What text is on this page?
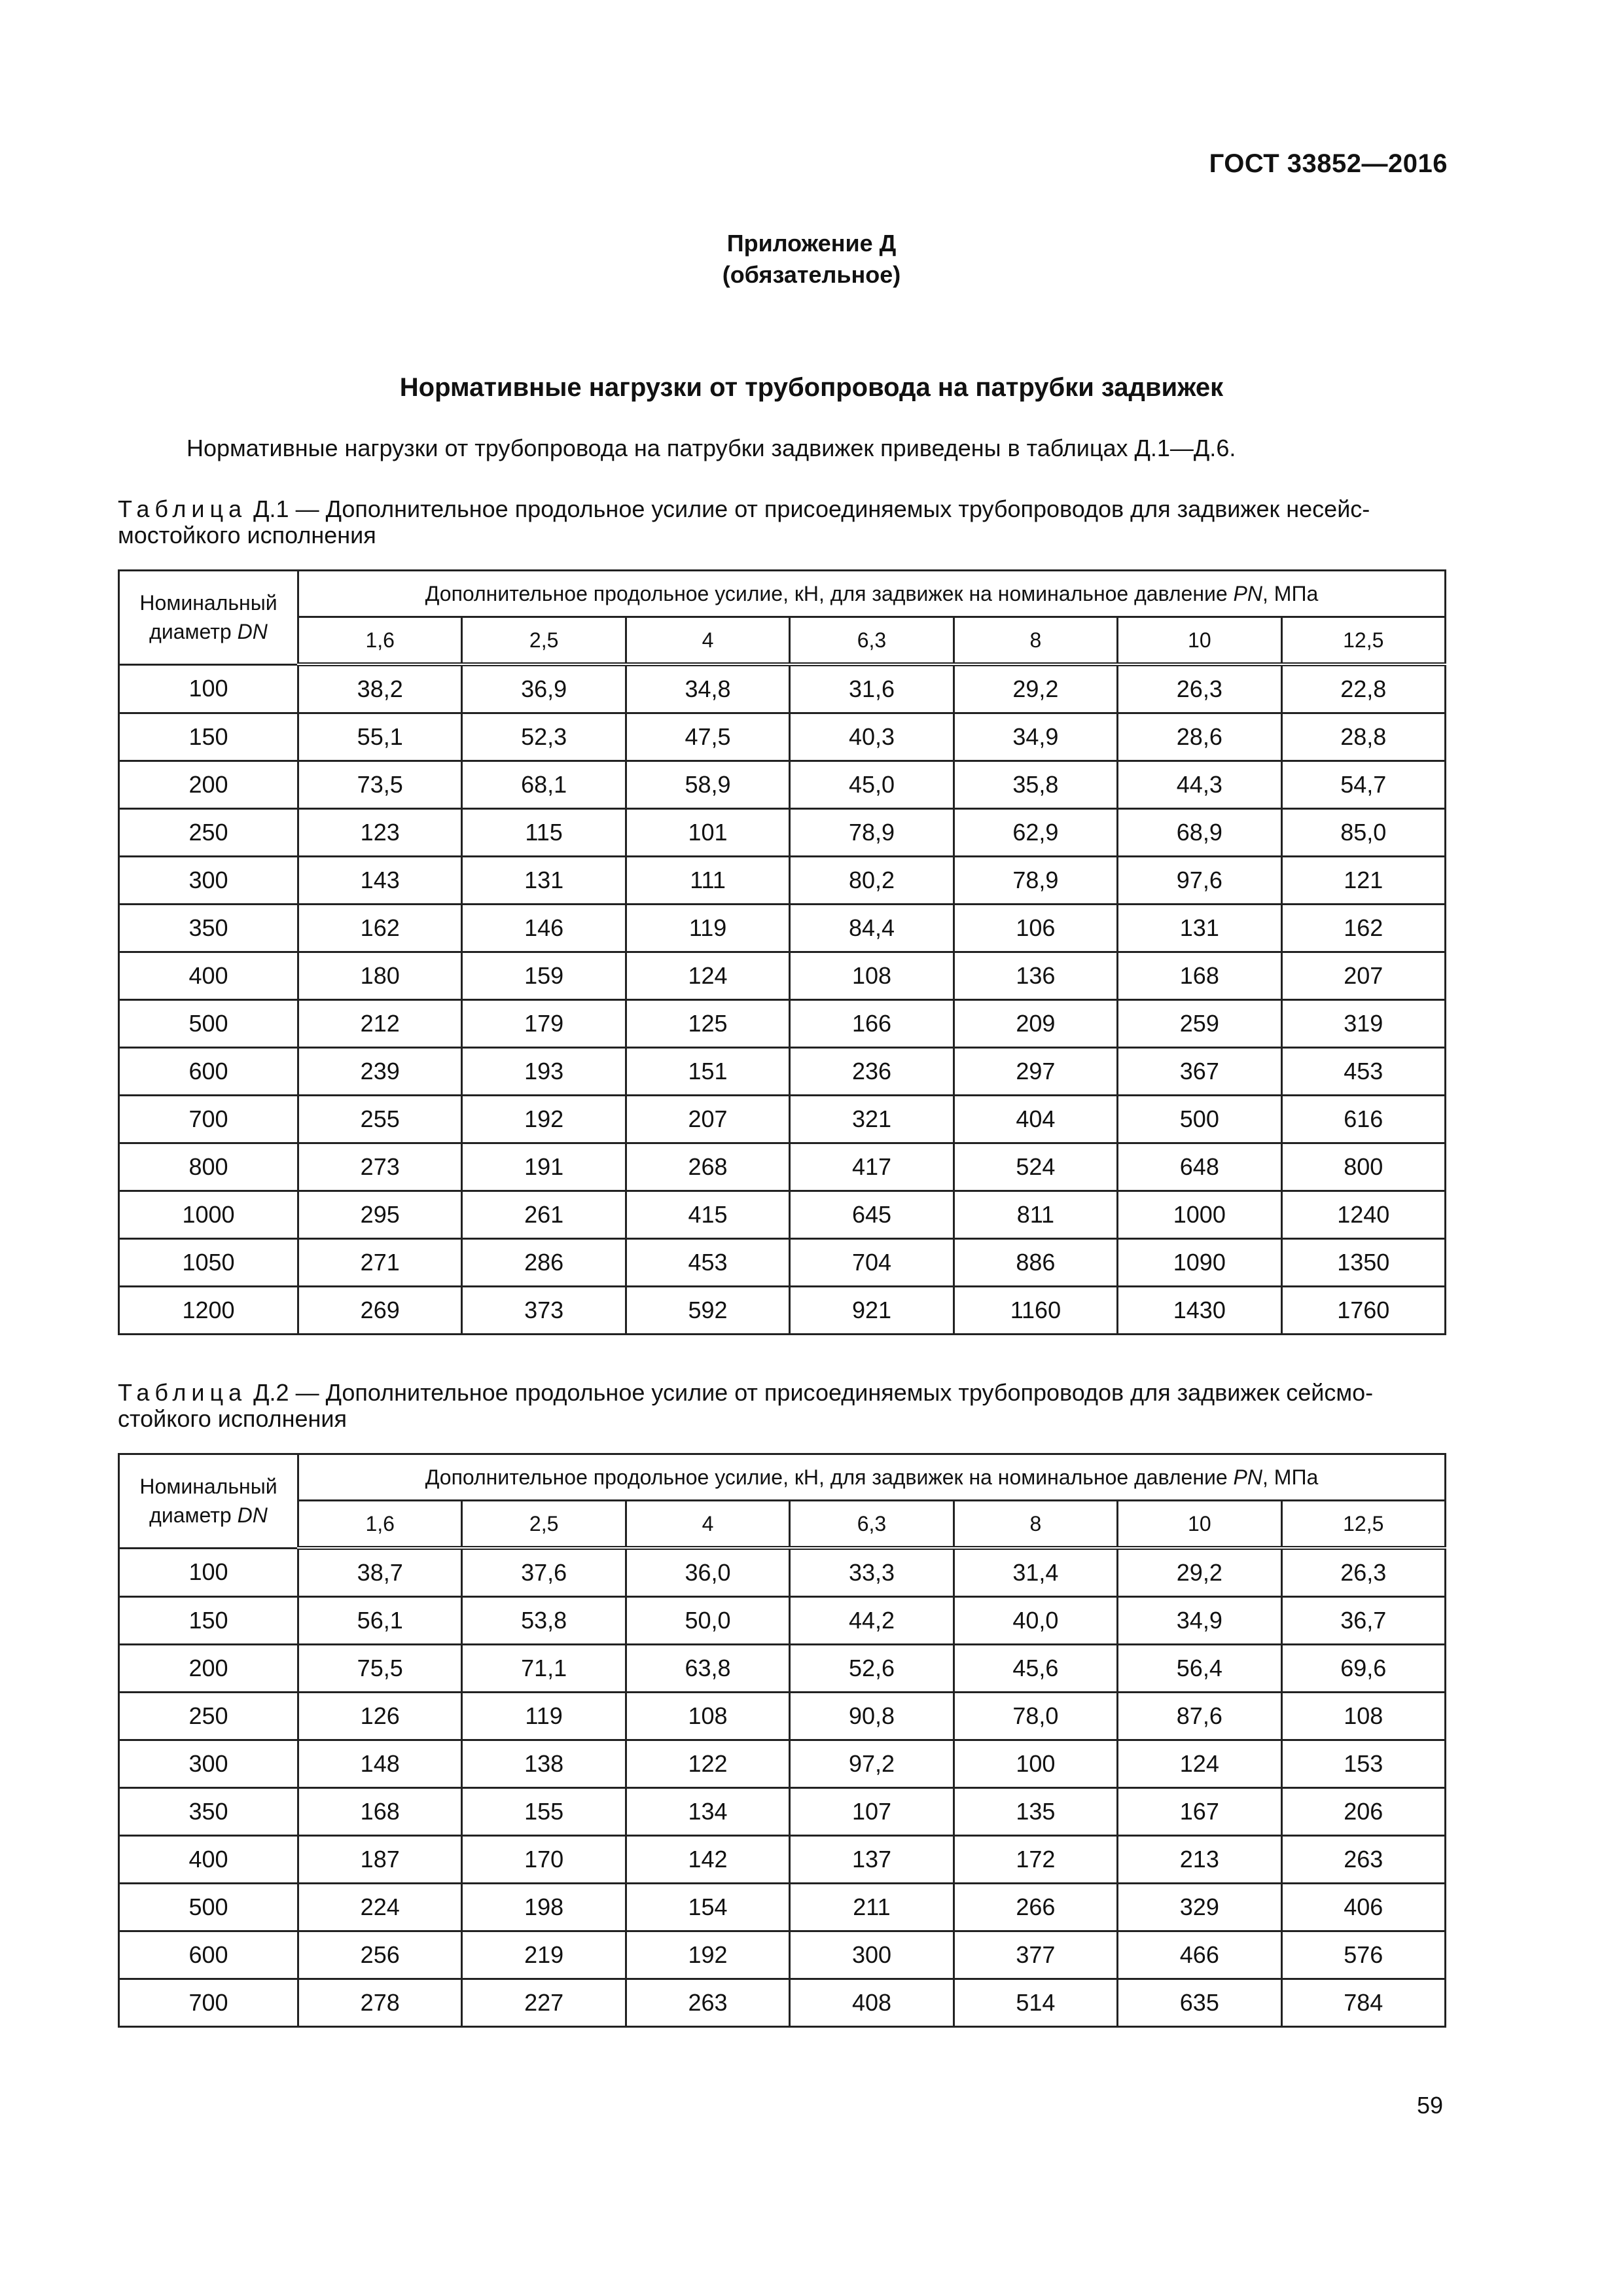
ГОСТ 33852—2016
Приложение Д
(обязательное)
Нормативные нагрузки от трубопровода на патрубки задвижек
Нормативные нагрузки от трубопровода на патрубки задвижек приведены в таблицах Д.1—Д.6.
Таблица Д.1 — Дополнительное продольное усилие от присоединяемых трубопроводов для задвижек несейс-
мостойкого исполнения
Номинальный
диаметр DN	Дополнительное продольное усилие, кН, для задвижек на номинальное давление PN, МПа						
	1,6	2,5	4	6,3	8	10	12,5
100	38,2	36,9	34,8	31,6	29,2	26,3	22,8
150	55,1	52,3	47,5	40,3	34,9	28,6	28,8
200	73,5	68,1	58,9	45,0	35,8	44,3	54,7
250	123	115	101	78,9	62,9	68,9	85,0
300	143	131	111	80,2	78,9	97,6	121
350	162	146	119	84,4	106	131	162
400	180	159	124	108	136	168	207
500	212	179	125	166	209	259	319
600	239	193	151	236	297	367	453
700	255	192	207	321	404	500	616
800	273	191	268	417	524	648	800
1000	295	261	415	645	811	1000	1240
1050	271	286	453	704	886	1090	1350
1200	269	373	592	921	1160	1430	1760
Таблица Д.2 — Дополнительное продольное усилие от присоединяемых трубопроводов для задвижек сейсмо-
стойкого исполнения
Номинальный
диаметр DN	Дополнительное продольное усилие, кН, для задвижек на номинальное давление PN, МПа						
	1,6	2,5	4	6,3	8	10	12,5
100	38,7	37,6	36,0	33,3	31,4	29,2	26,3
150	56,1	53,8	50,0	44,2	40,0	34,9	36,7
200	75,5	71,1	63,8	52,6	45,6	56,4	69,6
250	126	119	108	90,8	78,0	87,6	108
300	148	138	122	97,2	100	124	153
350	168	155	134	107	135	167	206
400	187	170	142	137	172	213	263
500	224	198	154	211	266	329	406
600	256	219	192	300	377	466	576
700	278	227	263	408	514	635	784
59
